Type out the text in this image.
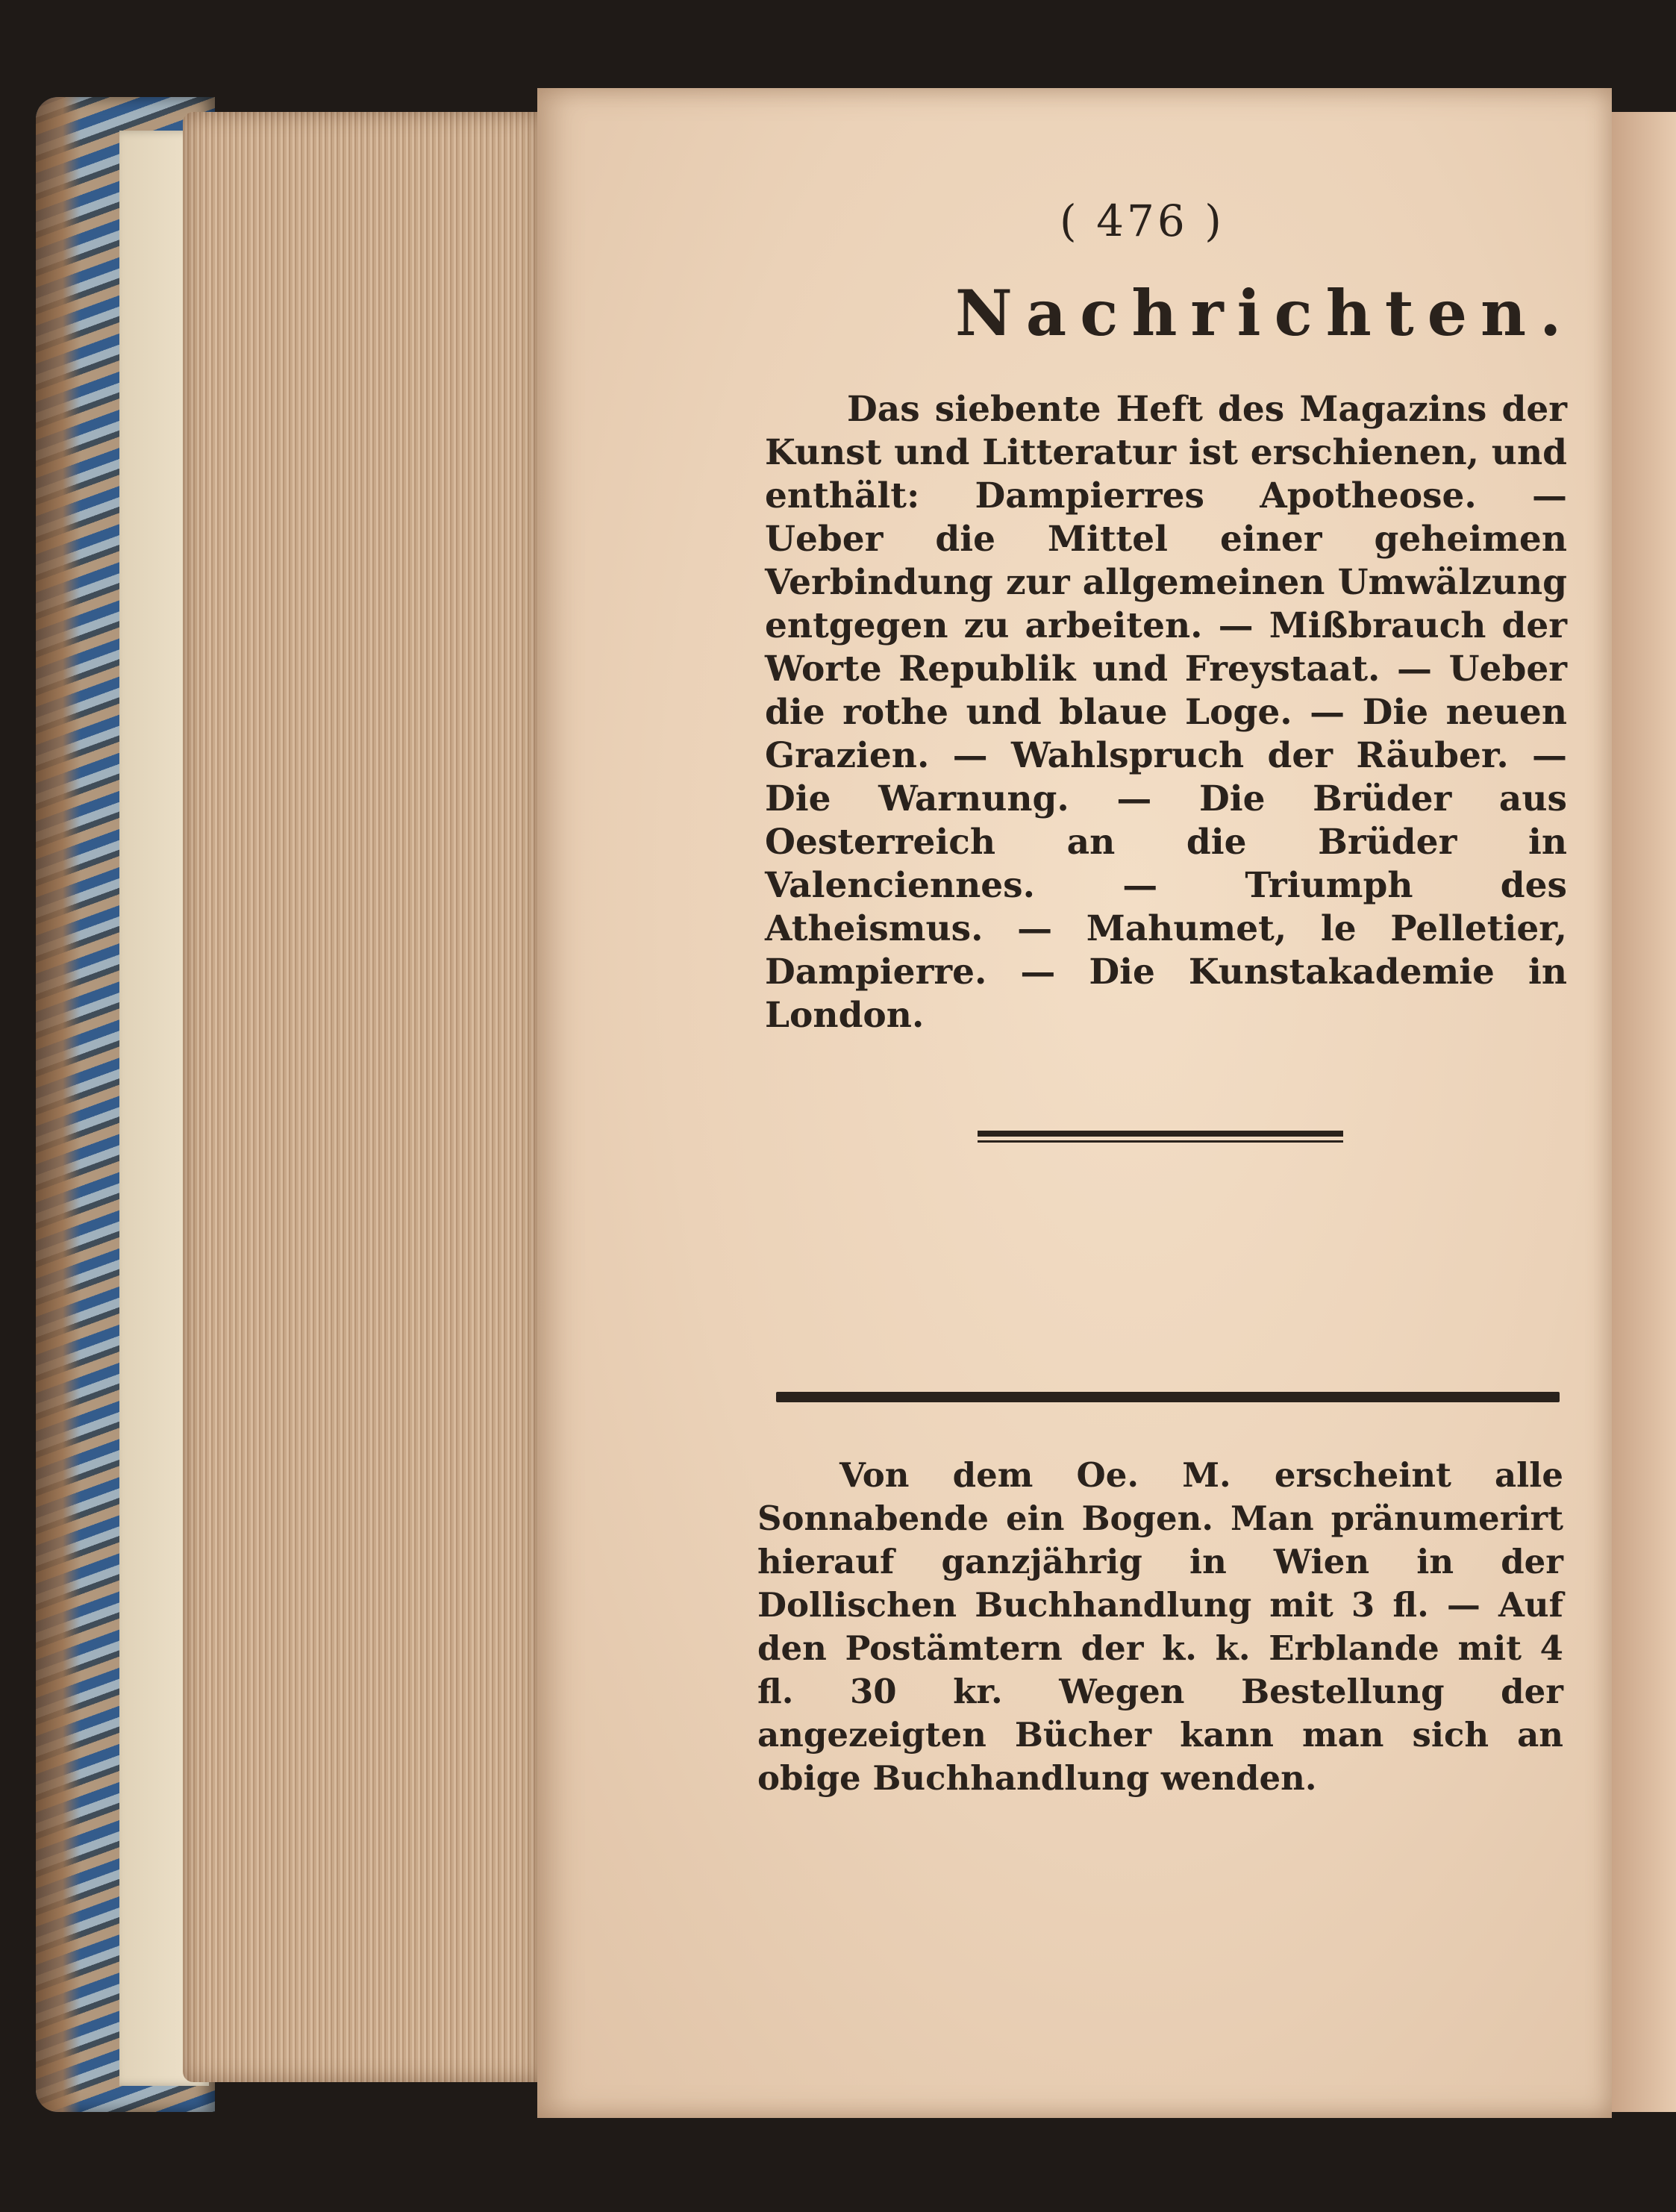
( 476 )
Nachrichten.
Das siebente Heft des Magazins der Kunst und Litteratur ist erschienen, und enthält: Dampierres Apotheose. — Ueber die Mittel einer geheimen Verbindung zur allgemeinen Umwälzung entgegen zu arbeiten. — Mißbrauch der Worte Republik und Freystaat. — Ueber die rothe und blaue Loge. — Die neuen Grazien. — Wahlspruch der Räuber. — Die Warnung. — Die Brüder aus Oesterreich an die Brüder in Valenciennes. — Triumph des Atheismus. — Mahumet, le Pelletier, Dampierre. — Die Kunstakademie in London.
Von dem Oe. M. erscheint alle Sonnabende ein Bogen. Man pränumerirt hierauf ganzjährig in Wien in der Dollischen Buchhandlung mit 3 fl. — Auf den Postämtern der k. k. Erblande mit 4 fl. 30 kr. Wegen Bestellung der angezeigten Bücher kann man sich an obige Buchhandlung wenden.
